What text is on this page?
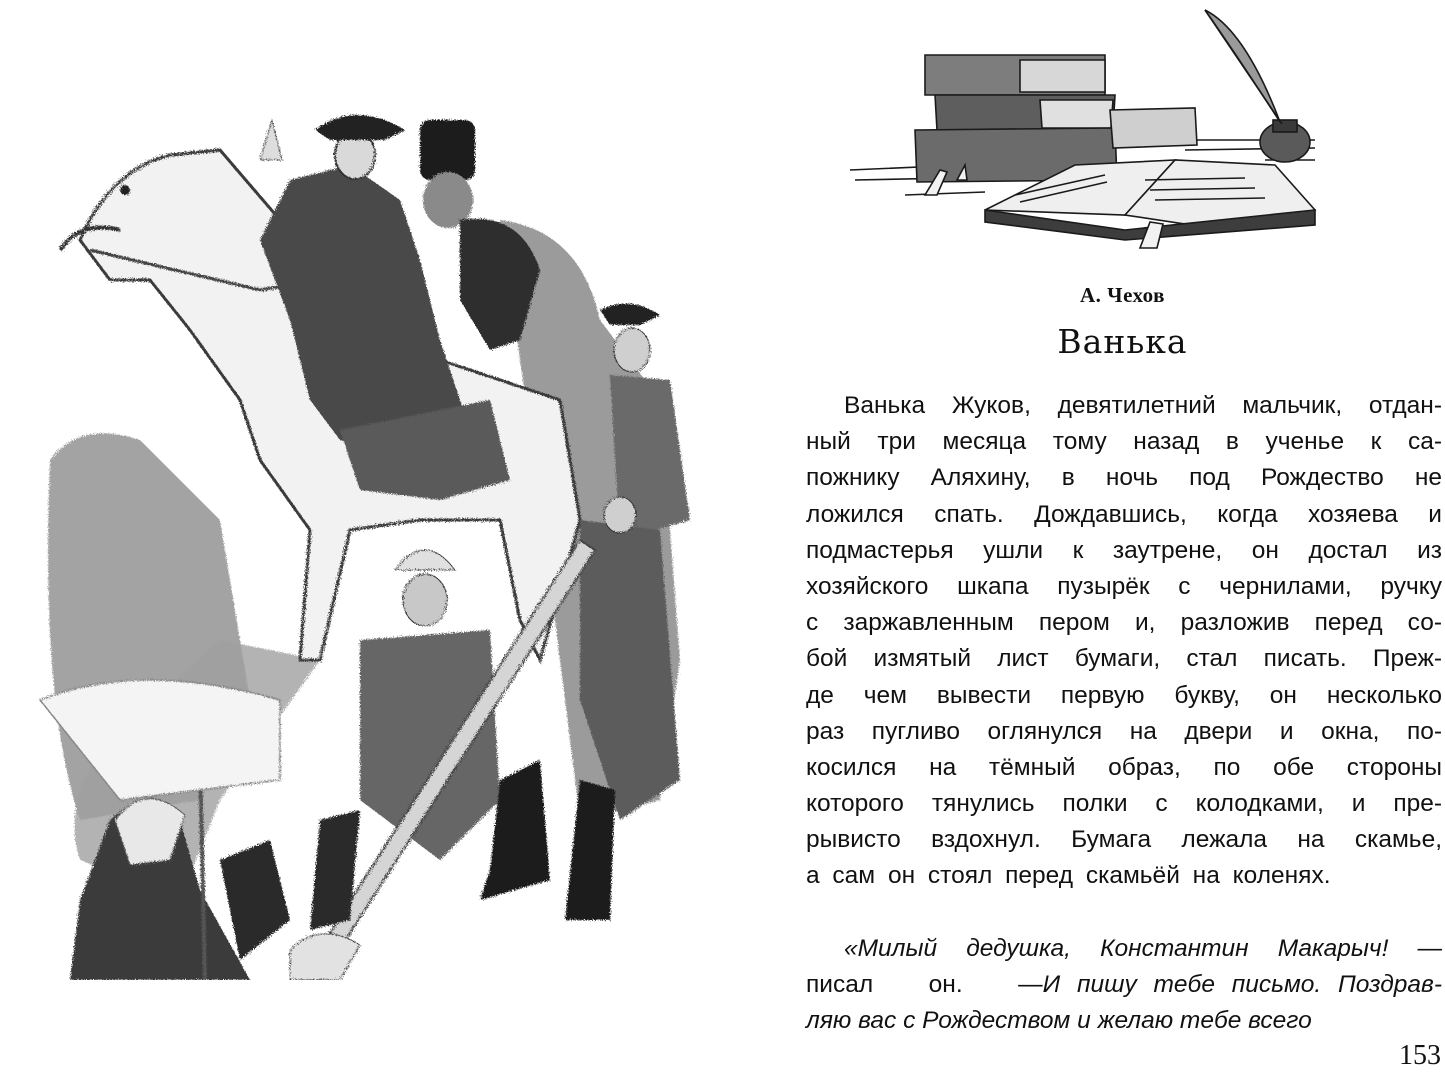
А. Чехов
Ванька
Ванька Жуков, девятилетний мальчик, отдан-
ный три месяца тому назад в ученье к са-
пожнику Аляхину, в ночь под Рождество не
ложился спать. Дождавшись, когда хозяева и
подмастерья ушли к заутрене, он достал из
хозяйского шкапа пузырёк с чернилами, ручку
с заржавленным пером и, разложив перед со-
бой измятый лист бумаги, стал писать. Преж-
де чем вывести первую букву, он несколько
раз пугливо оглянулся на двери и окна, по-
косился на тёмный образ, по обе стороны
которого тянулись полки с колодками, и пре-
рывисто вздохнул. Бумага лежала на скамье,
а сам он стоял перед скамьёй на коленях.
«Милый дедушка, Константин Макарыч! —
писал он. — И пишу тебе письмо. Поздрав-
ляю вас с Рождеством и желаю тебе всего
153
